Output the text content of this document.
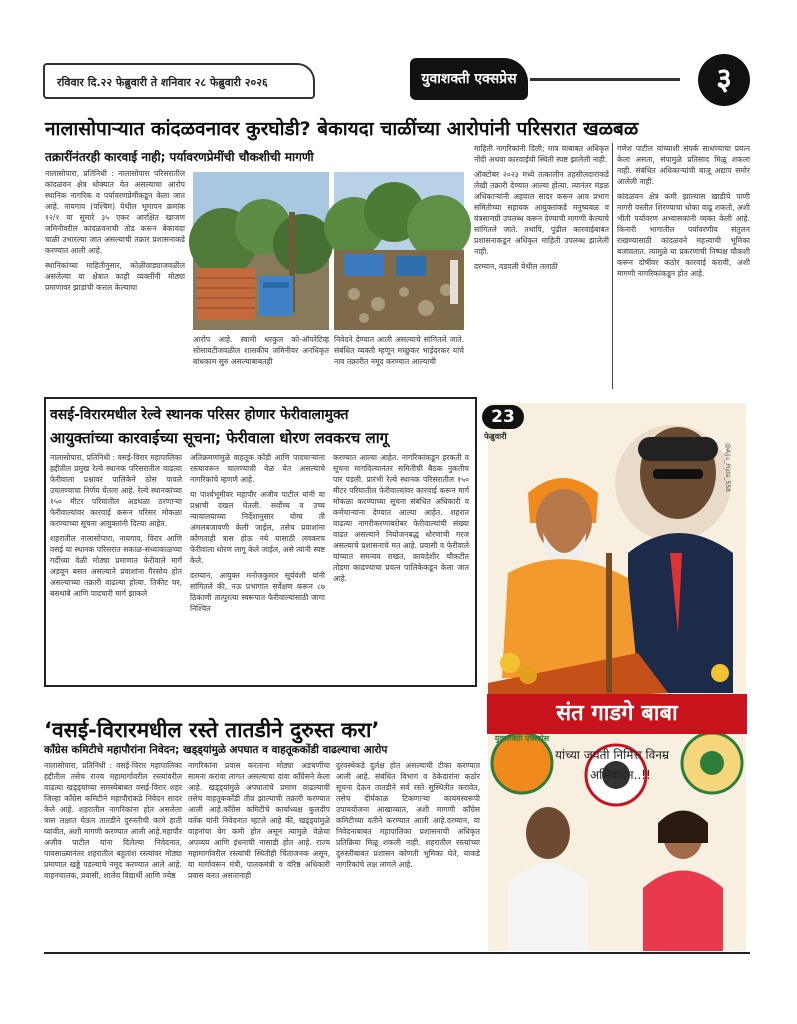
रविवार दि.२२ फेब्रुवारी ते शनिवार २८ फेब्रुवारी २०२६	युवाशक्ती एक्सप्रेस	३
नालासोपाऱ्यात कांदळवनावर कुरघोडी? बेकायदा चाळींच्या आरोपांनी परिसरात खळबळ
तक्रारींनंतरही कारवाई नाही; पर्यावरणप्रेमींची चौकशीची मागणी

नालासोपारा, प्रतिनिधी : नालासोपारा परिसरातील कांदळवन क्षेत्र धोक्यात येत असल्याचा आरोप स्थानिक नागरिक व पर्यावरणप्रेमींकडून केला जात आहे. नायगाव (पश्चिम) येथील भूमापन क्रमांक १२/१ या सुमारे ३५ एकर आरक्षित खाजण जमिनीवरील कांदळवनाची तोड करून बेकायदा चाळी उभारल्या जात असल्याची तक्रार प्रशासनाकडे करण्यात आली आहे.

स्थानिकांच्या माहितीनुसार, कोळीवाड्याजवळील असलेल्या या क्षेत्रात काही व्यक्तींनी मोठ्या प्रमाणावर झाडांची कत्तल केल्याचा

आरोप आहे. स्वामी धरकुल को-ऑपरेटिव्ह सोसायटीजवळील शासकीय जमिनीवर अनधिकृत बांधकाम सुरु असल्याबाबतही

निवेदने देण्यात आली असल्याचे सांगितले जाते. संबंधित व्यक्ती म्हणून मच्छुकर भाईदरकर यांचे नाव तक्रारीत नमूद करण्यात आल्याची

माहिती नागरिकांनी दिली; मात्र याबाबत अधिकृत नोंदी अथवा कारवाईची स्थिती स्पष्ट झालेली नाही.

ऑक्टोबर २०२३ मध्ये तत्कालीन तहसीलदारांकडे लेखी तक्रारी देण्यात आल्या होत्या. त्यानंतर मंडळ अधिकाऱ्यांनी अहवाल सादर करून आय प्रभाग समितीच्या सहायक आयुक्तांकडे मनुष्यबळ व यंत्रसामग्री उपलब्ध करून देण्याची मागणी केल्याचे सांगितले जाते. तथापि, पुढील कारवाईबाबत प्रशासनाकडून अधिकृत माहिती उपलब्ध झालेली नाही.

दरम्यान, वडवली येथील तलाठी

गणेश पाटील यांच्याशी संपर्क साधण्याचा प्रयत्न केला असता, संपामुळे प्रतिसाद मिळू शकला नाही. संबंधित अधिकाऱ्यांची बाजू अद्याप समोर आलेली नाही.

कांदळवन क्षेत्र कमी झाल्यास खाडीचे पाणी नागरी वस्तीत शिरण्याचा धोका वाढू शकतो, अशी भीती पर्यावरण अभ्यासकांनी व्यक्त केली आहे. किनारी भागातील पर्यावरणीय संतुलन राखण्यासाठी कांदळवने महत्त्वाची भूमिका बजावतात. त्यामुळे या प्रकरणाची निष्पक्ष चौकशी करून दोषींवर कठोर कारवाई करावी, अशी मागणी नागरिकांकडून होत आहे.

वसई-विरारमधील रेल्वे स्थानक परिसर होणार फेरीवालामुक्त
आयुक्तांच्या कारवाईच्या सूचना; फेरीवाला धोरण लवकरच लागू

नालासोपारा, प्रतिनिधी : वसई-विरार महापालिका हद्दीतील प्रमुख रेल्वे स्थानक परिसरातील वाढत्या फेरीवाला प्रश्नावर पालिकेने ठोस पावले उचलण्याचा निर्णय घेतला आहे. रेल्वे स्थानकांच्या १५० मीटर परिघातील अडथळा ठरणाऱ्या फेरीवाल्यांवर कारवाई करून परिसर मोकळा करण्याच्या सूचना आयुक्तांनी दिल्या आहेत.

शहरातील नालासोपारा, नायगाव, विरार आणि वसई या स्थानक परिसरात सकाळ-संध्याकाळच्या गर्दीच्या वेळी मोठ्या प्रमाणात फेरीवाले मार्ग अडवून बसत असल्याने प्रवाशांना गैरसोय होत असल्याच्या तक्रारी वाढल्या होत्या. तिकीट घर, बसथांबे आणि पादचारी मार्ग झाकले

अतिक्रमणांमुळे वाहतूक कोंडी आणि पादचाऱ्यांना रस्त्यावरून चालण्याची वेळ येत असल्याचे नागरिकांचे म्हणणे आहे.

या पार्श्वभूमीवर महापौर अजीव पाटील यांनी या प्रश्नाची दखल घेतली. सर्वोच्च व उच्च न्यायालयाच्या निर्देशानुसार योग्य ती अंमलबजावणी केली जाईल, तसेच प्रवाशांना कोणताही त्रास होऊ नये यासाठी लवकरच फेरीवाला धोरण लागू केले जाईल, असे त्यांनी स्पष्ट केले.

दरम्यान, आयुक्त मनोजकुमार सूर्यवंशी यांनी सांगितले की, नऊ प्रभागांत सर्वेक्षण करून ८७ ठिकाणी तात्पुरत्या स्वरूपात फेरीवाल्यांसाठी जागा निश्चित

करण्यात आल्या आहेत. नागरिकांकडून हरकती व सूचना मागविल्यानंतर समितीची बैठक नुकतीच पार पडली. प्रारंभी रेल्वे स्थानक परिसरातील १५० मीटर परिघातील फेरीवाल्यांवर कारवाई करून मार्ग मोकळा करण्याच्या सूचना संबंधित अधिकारी व कर्मचाऱ्यांना देण्यात आल्या आहेत. शहरात वाढत्या नागरीकरणाबरोबर फेरीवाल्यांची संख्या वाढत असल्याने नियोजनबद्ध धोरणाची गरज असल्याचे प्रशासनाचे मत आहे. प्रवासी व फेरीवाले यांच्यात समन्वय राखत, कायदेशीर चौकटीत तोडगा काढण्याचा प्रयत्न पालिकेकडून केला जात आहे.

‘वसई-विरारमधील रस्ते तातडीने दुरुस्त करा’
काँग्रेस कमिटीचे महापौरांना निवेदन; खड्ड्यांमुळे अपघात व वाहतूककोंडी वाढल्याचा आरोप

नालासोपारा, प्रतिनिधी : वसई-विरार महापालिका हद्दीतील तसेच राज्य महामार्गावरील रस्त्यांवरील वाढत्या खड्ड्यांच्या समस्येबाबत वसई-विरार शहर जिल्हा काँग्रेस कमिटीने महापौरांकडे निवेदन सादर केले आहे. शहरातील नागरिकांना होत असलेला त्रास लक्षात घेऊन तातडीने दुरुस्तीची कामे हाती घ्यावीत, अशी मागणी करण्यात आली आहे.महापौर अजीव पाटील यांना दिलेल्या निवेदनात, पावसाळ्यानंतर शहरातील बहुतांश रस्त्यांवर मोठ्या प्रमाणात खड्डे पडल्याचे नमूद करण्यात आले आहे. वाहनचालक, प्रवासी, शालेय विद्यार्थी आणि ज्येष्ठ

नागरिकांना प्रवास करताना मोठ्या अडचणींचा सामना करावा लागत असल्याचा दावा काँग्रेसने केला आहे. खड्ड्यांमुळे अपघातांचे प्रमाण वाढल्याची तसेच वाहतूककोंडी तीव्र झाल्याची तक्रारी करण्यात आली आहे.काँग्रेस कमिटीचे कार्याध्यक्ष कुलदीप वर्तक यांनी निवेदनात म्हटले आहे की, खड्ड्यांमुळे वाहनांचा वेग कमी होत असून त्यामुळे वेळेचा अपव्यय आणि इंधनाची नासाडी होत आहे. राज्य महामार्गावरील रस्त्यांची स्थितीही चिंताजनक असून, या मार्गावरून मंत्री, पालकमंत्री व वरिष्ठ अधिकारी प्रवास करत असतानाही

दुरवस्थेकडे दुर्लक्ष होत असल्याची टीका करण्यात आली आहे. संबंधित विभाग व ठेकेदारांना कठोर सूचना देऊन तातडीने सर्व रस्ते सुस्थितीत करावेत, तसेच दीर्घकाळ टिकणाऱ्या कायमस्वरूपी उपाययोजना आखाव्यात, अशी मागणी काँग्रेस कमिटीच्या वतीने करण्यात आली आहे.दरम्यान, या निवेदनाबाबत महापालिका प्रशासनाची अधिकृत प्रतिक्रिया मिळू शकली नाही. शहरातील रस्त्यांच्या दुरुस्तीबाबत प्रशासन कोणती भूमिका घेते, याकडे नागरिकांचे लक्ष लागले आहे.

23
फेब्रुवारी
@Ajju_Pijda_558
युवाशक्ती एक्सप्रेस
संत गाडगे बाबा
यांच्या जयंती निमित्त विनम्र
अभिवादन..!!
